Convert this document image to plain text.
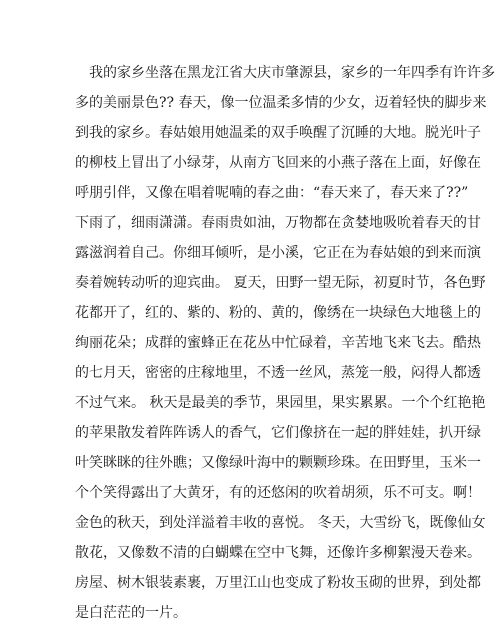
　我的家乡坐落在黑龙江省大庆市肇源县，家乡的一年四季有许许多
多的美丽景色?? 春天，像一位温柔多情的少女，迈着轻快的脚步来
到我的家乡。春姑娘用她温柔的双手唤醒了沉睡的大地。脱光叶子
的柳枝上冒出了小绿芽，从南方飞回来的小燕子落在上面，好像在
呼朋引伴，又像在唱着呢喃的春之曲：“春天来了，春天来了??”
下雨了，细雨潇潇。春雨贵如油，万物都在贪婪地吸吮着春天的甘
露滋润着自己。你细耳倾听，是小溪，它正在为春姑娘的到来而演
奏着婉转动听的迎宾曲。 夏天，田野一望无际，初夏时节，各色野
花都开了，红的、紫的、粉的、黄的，像绣在一块绿色大地毯上的
绚丽花朵；成群的蜜蜂正在花丛中忙碌着，辛苦地飞来飞去。酷热
的七月天，密密的庄稼地里，不透一丝风，蒸笼一般，闷得人都透
不过气来。 秋天是最美的季节，果园里，果实累累。一个个红艳艳
的苹果散发着阵阵诱人的香气，它们像挤在一起的胖娃娃，扒开绿
叶笑眯眯的往外瞧；又像绿叶海中的颗颗珍珠。在田野里，玉米一
个个笑得露出了大黄牙，有的还悠闲的吹着胡须，乐不可支。啊！
金色的秋天，到处洋溢着丰收的喜悦。 冬天，大雪纷飞，既像仙女
散花，又像数不清的白蝴蝶在空中飞舞，还像许多柳絮漫天卷来。
房屋、树木银装素裹，万里江山也变成了粉妆玉砌的世界，到处都
是白茫茫的一片。
